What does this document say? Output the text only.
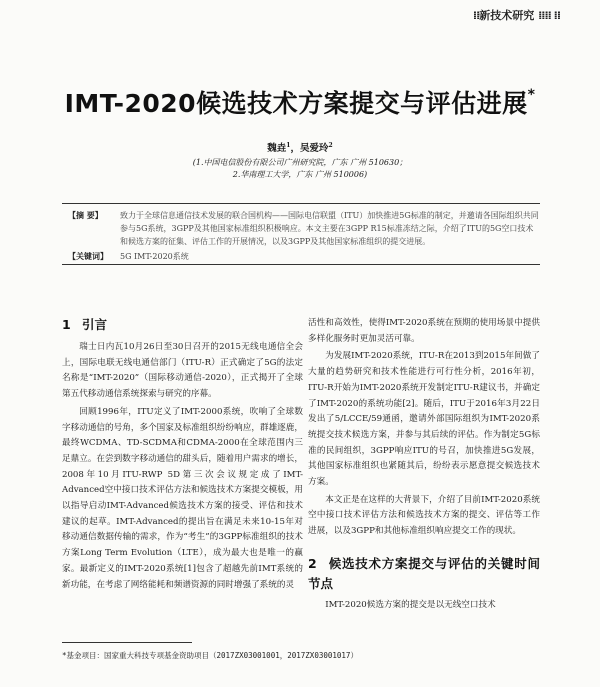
⁞⁞新技术研究 ⁞⁞⁞⁞ ⁞⁞
IMT-2020候选技术方案提交与评估进展*
魏垚$^1$，吴爱玲$^2$
(1.中国电信股份有限公司广州研究院，广东 广州 510630；
2.华南理工大学，广东 广州 510006)
【摘 要】 致力于全球信息通信技术发展的联合国机构——国际电信联盟（ITU）加快推进5G标准的制定，并邀请各国际组织共同参与5G系统，3GPP及其他国家标准组织积极响应。本文主要在3GPP R15标准冻结之际，介绍了ITU的5G空口技术和候选方案的征集、评估工作的开展情况，以及3GPP及其他国家标准组织的提交进展。
【关键词】 5G IMT-2020系统
1 引言

瑞士日内瓦10月26日至30日召开的2015无线电通信全会上，国际电联无线电通信部门（ITU-R）正式确定了5G的法定名称是“IMT-2020”（国际移动通信-2020），正式揭开了全球第五代移动通信系统探索与研究的序幕。

回顾1996年，ITU定义了IMT-2000系统，吹响了全球数字移动通信的号角，多个国家及标准组织纷纷响应，群雄逐鹿，最终WCDMA、TD-SCDMA和CDMA-2000在全球范围内三足鼎立。在尝到数字移动通信的甜头后，随着用户需求的增长，2008年10月ITU-RWP 5D第三次会议规定成了IMT-Advanced空中接口技术评估方法和候选技术方案提交模板，用以指导启动IMT-Advanced候选技术方案的接受、评估和技术建议的起草。IMT-Advanced的提出旨在满足未来10-15年对移动通信数据传输的需求，作为“考生”的3GPP标准组织的技术方案Long Term Evolution（LTE），成为最大也是唯一的赢家。最新定义的IMT-2020系统[1]包含了超越先前IMT系统的新功能，在考虑了网络能耗和频谱资源的同时增强了系统的灵

活性和高效性，使得IMT-2020系统在预期的使用场景中提供多样化服务时更加灵活可靠。

为发展IMT-2020系统，ITU-R在2013到2015年间做了大量的趋势研究和技术性能进行可行性分析，2016年初，ITU-R开始为IMT-2020系统开发制定ITU-R建议书，并确定了IMT-2020的系统功能[2]。随后，ITU于2016年3月22日发出了5/LCCE/59通函，邀请外部国际组织为IMT-2020系统提交技术候选方案，并参与其后续的评估。作为制定5G标准的民间组织，3GPP响应ITU的号召，加快推进5G发展，其他国家标准组织也紧随其后，纷纷表示愿意提交候选技术方案。

本文正是在这样的大背景下，介绍了目前IMT-2020系统空中接口技术评估方法和候选技术方案的提交、评估等工作进展，以及3GPP和其他标准组织响应提交工作的现状。

2 候选技术方案提交与评估的关键时间节点

IMT-2020候选方案的提交是以无线空口技术

*基金项目：国家重大科技专项基金资助项目（2017ZX03001001，2017ZX03001017）
